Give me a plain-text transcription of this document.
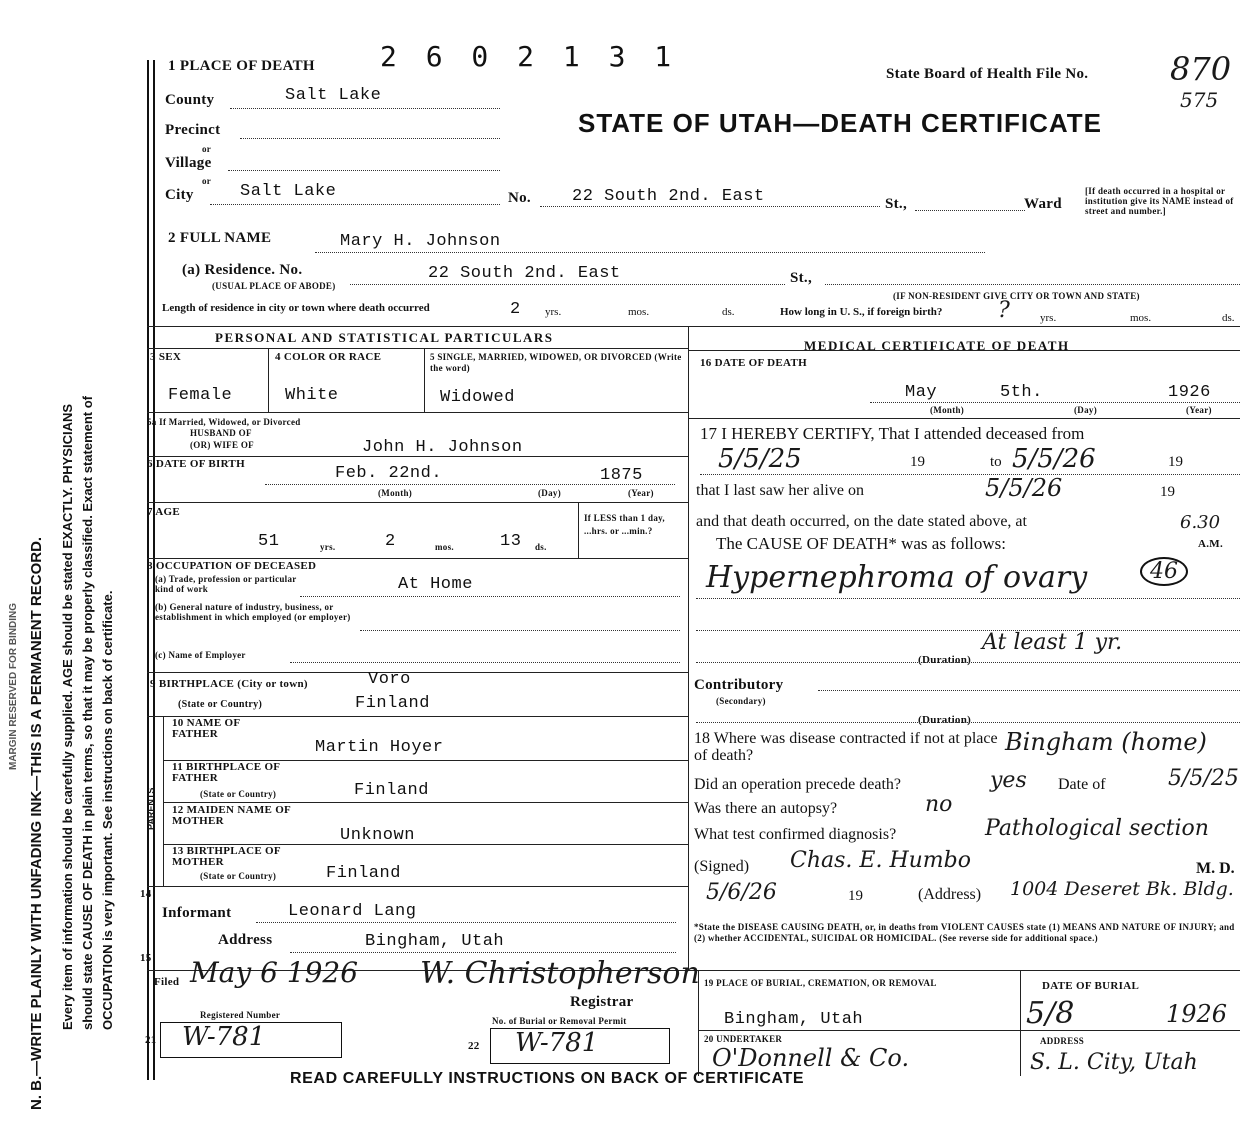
MARGIN RESERVED FOR BINDING N. B.—WRITE PLAINLY WITH UNFADING INK—THIS IS A PERMANENT RECORD. Every item of information should be carefully supplied. AGE should be stated EXACTLY. PHYSICIANS should state CAUSE OF DEATH in plain terms, so that it may be properly classified. Exact statement of OCCUPATION is very important. See instructions on back of certificate.
1 PLACE OF DEATH 2 6 0 2 1 3 1
State Board of Health File No.	870
575
STATE OF UTAH—DEATH CERTIFICATE
County	Salt Lake
Precinct
or
Village
or
City	Salt Lake	No. 22 South 2nd. East	St.,	Ward
[If death occurred in a hospital or institution give its NAME instead of street and number.]
2 FULL NAME	Mary H. Johnson
(a) Residence. No.
(USUAL PLACE OF ABODE)
22 South 2nd. East	St.,
(IF NON-RESIDENT GIVE CITY OR TOWN AND STATE)
Length of residence in city or town where death occurred	2 yrs.	mos.	ds.	How long in U. S., if foreign birth?	?	yrs.	mos.	ds.
PERSONAL AND STATISTICAL PARTICULARS
MEDICAL CERTIFICATE OF DEATH
3 SEX
Female
4 COLOR OR RACE
White
5 SINGLE, MARRIED, WIDOWED, OR DIVORCED (Write the word)
Widowed
5a If Married, Widowed, or Divorced
HUSBAND OF
(OR) WIFE OF	John H. Johnson
6 DATE OF BIRTH	Feb. 22nd.	1875
(Month)	(Day)	(Year)
7 AGE
51	yrs.	2	mos.	13 ds.
If LESS than 1 day, ...hrs. or ...min.?
8 OCCUPATION OF DECEASED
(a) Trade, profession or particular kind of work
(b) General nature of industry, business, or establishment in which employed (or employer)
At Home
(c) Name of Employer
9 BIRTHPLACE (City or town)	Voro
(State or Country)	Finland
PARENTS
10 NAME OF FATHER
Martin Hoyer
11 BIRTHPLACE OF FATHER
(State or Country)	Finland
12 MAIDEN NAME OF MOTHER
Unknown
13 BIRTHPLACE OF MOTHER
(State or Country)	Finland
14
Informant	Leonard Lang
Address	Bingham, Utah
16 DATE OF DEATH
May	5th.	1926
(Month)	(Day)	(Year)
17 I HEREBY CERTIFY, That I attended deceased from
5/5/25	19	to 5/5/26	19
that I last saw her alive on	5/5/26	19
and that death occurred, on the date stated above, at	6.30
A.M.
The CAUSE OF DEATH* was as follows:
Hypernephroma of ovary	46
At least 1 yr.
(Duration)
Contributory
(Secondary)
(Duration)
18 Where was disease contracted if not at place of death?	Bingham (home)
Did an operation precede death?	yes Date of	5/5/25
Was there an autopsy?	no
What test confirmed diagnosis?	Pathological section
(Signed) Chas. E. Humbo	M. D.
5/6/26	19	(Address) 1004 Deseret Bk. Bldg.
*State the DISEASE CAUSING DEATH, or, in deaths from VIOLENT CAUSES state (1) MEANS AND NATURE OF INJURY; and (2) whether ACCIDENTAL, SUICIDAL OR HOMICIDAL. (See reverse side for additional space.)
15
Filed May 6 1926 W. Christopherson
Registrar
Registered Number
21 W-781
No. of Burial or Removal Permit
22 W-781
19 PLACE OF BURIAL, CREMATION, OR REMOVAL
Bingham, Utah
DATE OF BURIAL
5/8	1926
20 UNDERTAKER
O'Donnell & Co.
ADDRESS
S. L. City, Utah
READ CAREFULLY INSTRUCTIONS ON BACK OF CERTIFICATE
